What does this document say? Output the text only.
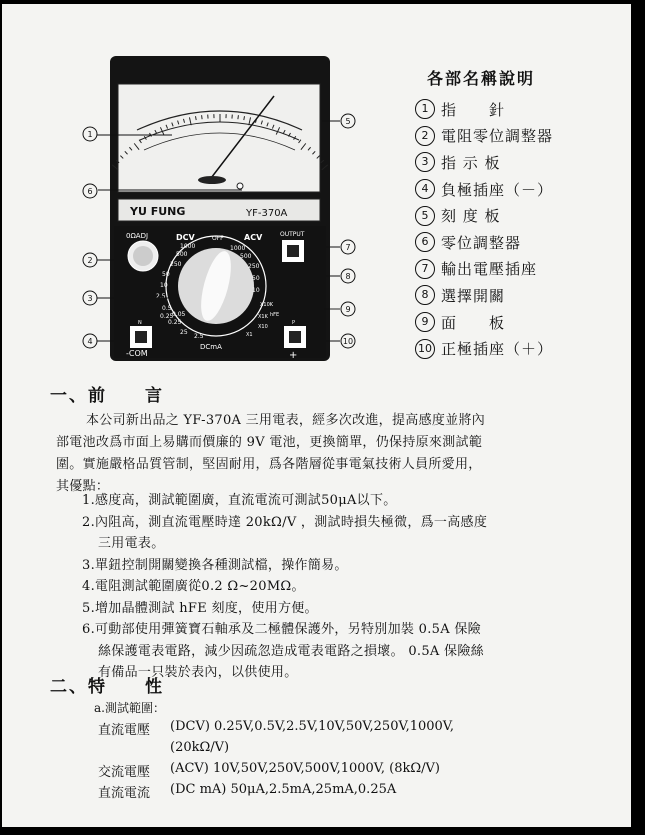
YU FUNG	YF-370A
0ΩADJ	DCV	ACV	OUTPUT
OFF
1000
500
250
50
10
2.5
0.5
0.25
1000
500
250
50
10
X10K
X1K
X10
X1
0.25
25
2.5
0.05
DCmA
N
-COM
P
+
hFE
1
6
2
3
4
5
7
8
9
10
各部名稱說明
1 指　　針
2 電阻零位調整器
3 指 示 板
4 負極插座（－）
5 刻 度 板
6 零位調整器
7 輸出電壓插座
8 選擇開關
9 面　　板
10 正極插座（＋）
一、前　　言
本公司新出品之 YF-370A 三用電表，經多次改進，提高感度並將內
部電池改爲市面上易購而價廉的 9V 電池，更換簡單，仍保持原來測試範
圍。實施嚴格品質管制，堅固耐用，爲各階層從事電氣技術人員所愛用，
其優點：
1.感度高，測試範圍廣，直流電流可測試50μA以下。
2.內阻高，測直流電壓時達 20kΩ/V ，測試時損失極微，爲一高感度
三用電表。
3.單鈕控制開關變換各種測試檔，操作簡易。
4.電阻測試範圍廣從0.2 Ω~20MΩ。
5.增加晶體測試 hFE 刻度，使用方便。
6.可動部使用彈簧寶石軸承及二極體保護外，另特別加裝 0.5A 保險
絲保護電表電路，減少因疏忽造成電表電路之損壞。 0.5A 保險絲
有備品一只裝於表內，以供使用。
二、特　　性
a.測試範圍：
直流電壓 (DCV) 0.25V,0.5V,2.5V,10V,50V,250V,1000V,
(20kΩ/V)
交流電壓 (ACV) 10V,50V,250V,500V,1000V, (8kΩ/V)
直流電流 (DC mA) 50μA,2.5mA,25mA,0.25A
